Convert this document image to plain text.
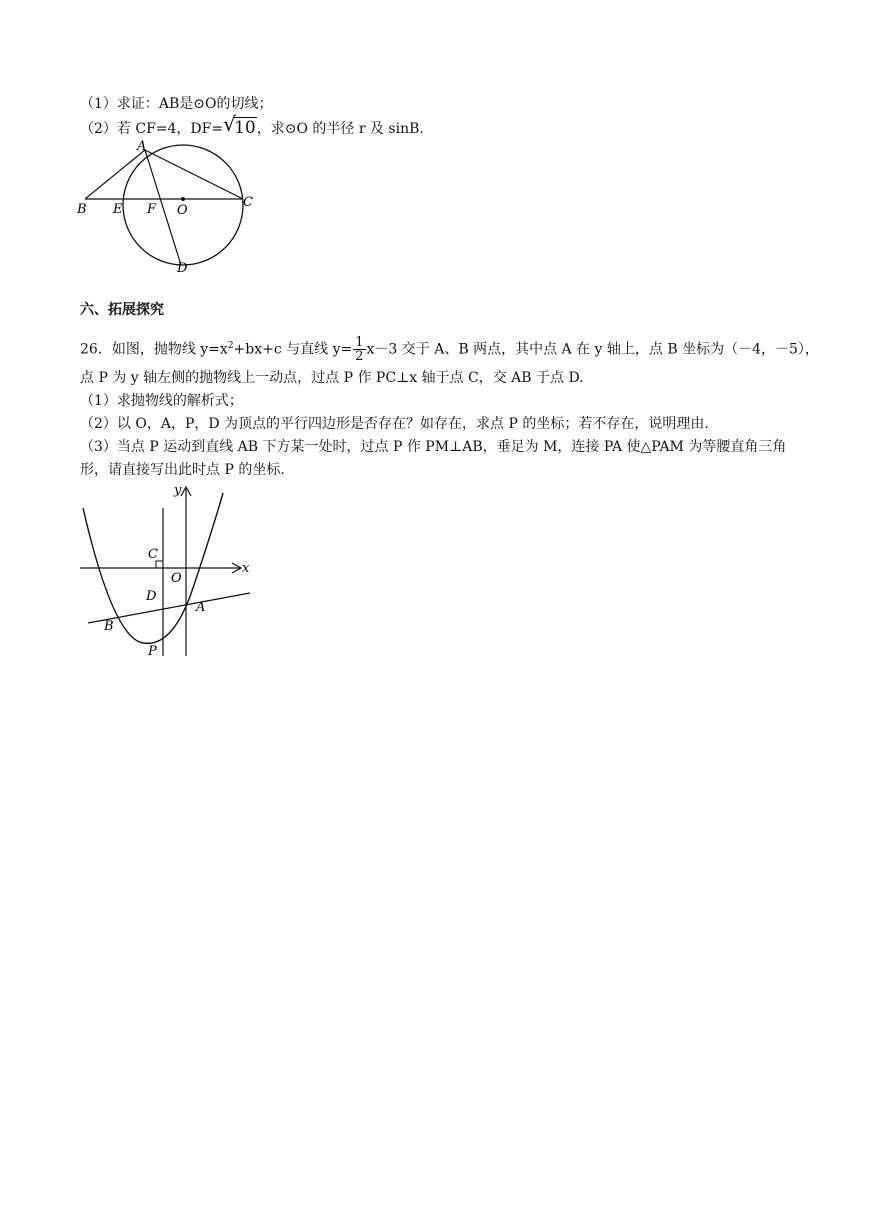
（1）求证：AB是⊙O的切线；
（2）若 CF=4，DF= √
10，求⊙O 的半径 r 及 sinB.
A
B E F O
C
D
六、拓展探究
26．如图，抛物线 $y=x^2+bx+c$ 与直线 $y= \frac{1}{2} x-3$ 交于 A、B 两点，其中点 A 在 y 轴上，点 B 坐标为（－4，－5），
点 P 为 y 轴左侧的抛物线上一动点，过点 P 作 PC⊥x 轴于点 C，交 AB 于点 D.
（1）求抛物线的解析式；
（2）以 O，A，P，D 为顶点的平行四边形是否存在？如存在，求点 P 的坐标；若不存在，说明理由.
（3）当点 P 运动到直线 AB 下方某一处时，过点 P 作 PM⊥AB，垂足为 M，连接 PA 使△PAM 为等腰直角三角
形，请直接写出此时点 P 的坐标.
y
x
C
O
D
A
B
P
